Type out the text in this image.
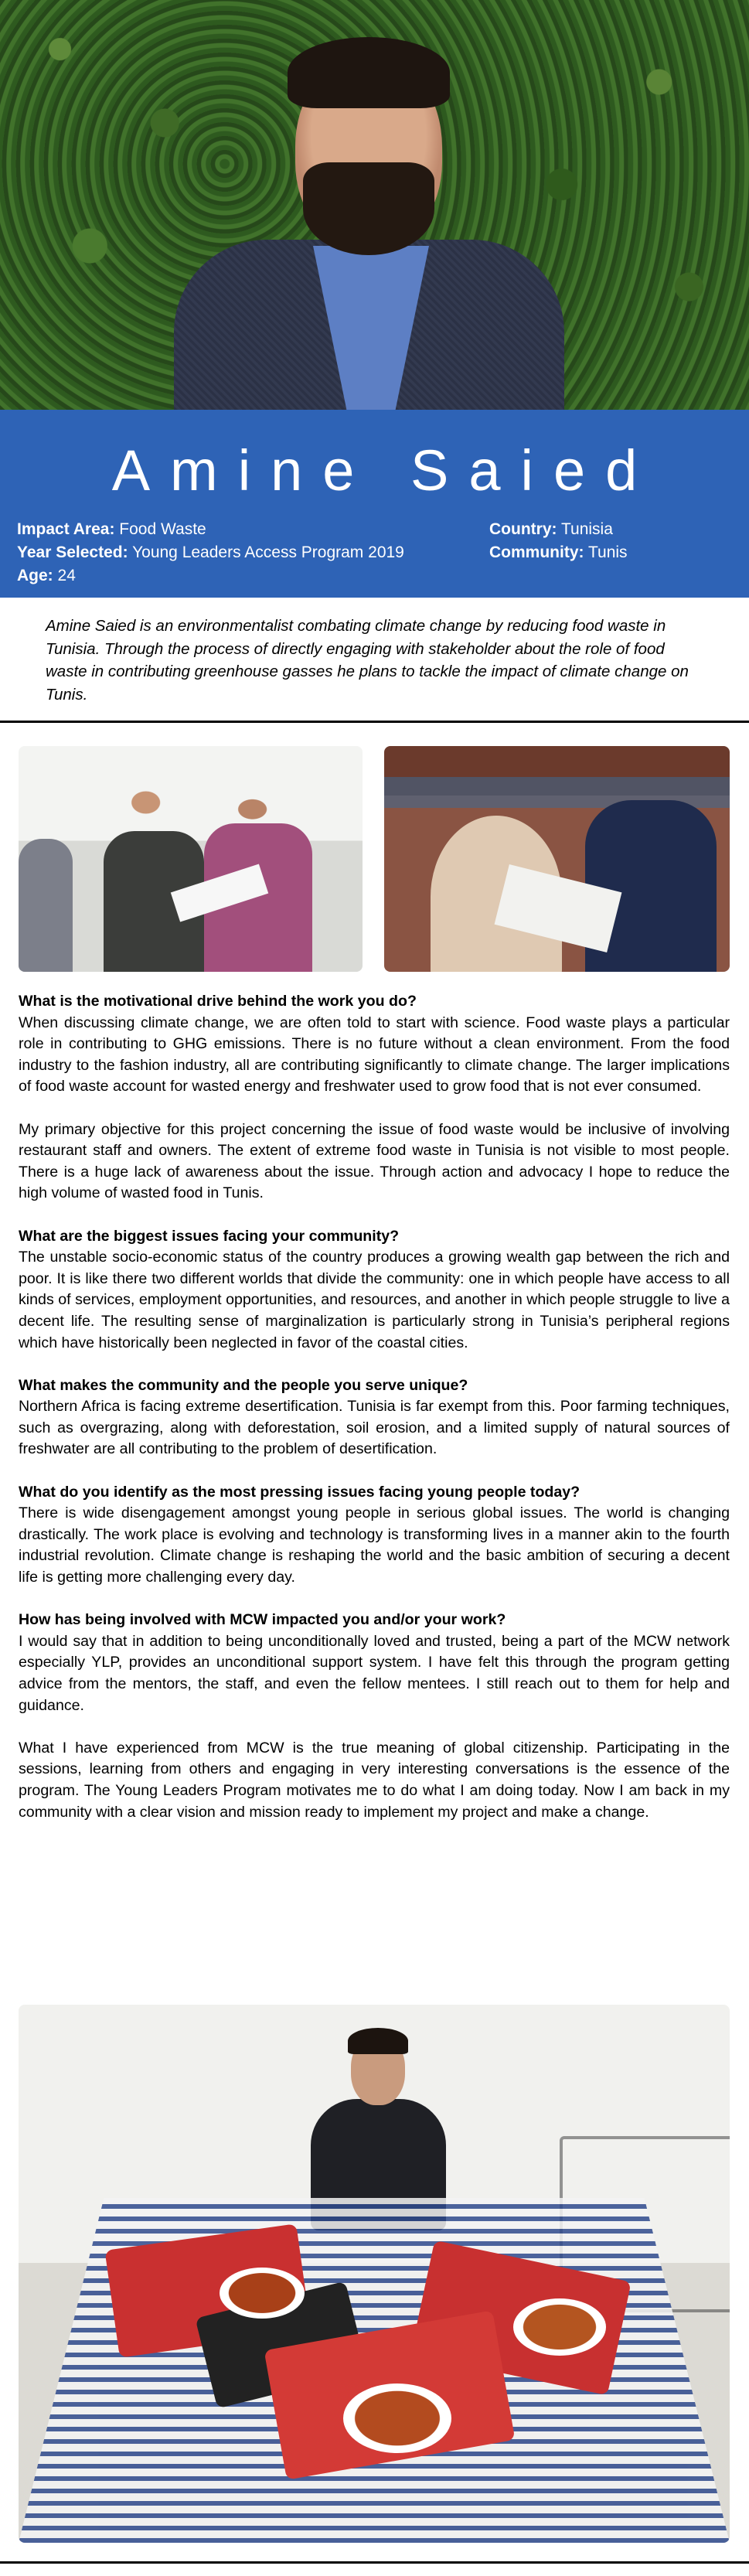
Amine Saied
Impact Area: Food Waste
Year Selected: Young Leaders Access Program 2019
Age: 24
Country: Tunisia
Community: Tunis
Amine Saied is an environmentalist combating climate change by reducing food waste in Tunisia. Through the process of directly engaging with stakeholder about the role of food waste in contributing greenhouse gasses he plans to tackle the impact of climate change on Tunis.
What is the motivational drive behind the work you do?

When discussing climate change, we are often told to start with science. Food waste plays a particular role in contributing to GHG emissions. There is no future without a clean environment. From the food industry to the fashion industry, all are contributing significantly to climate change. The larger implications of food waste account for wasted energy and freshwater used to grow food that is not ever consumed.

My primary objective for this project concerning the issue of food waste would be inclusive of involving restaurant staff and owners. The extent of extreme food waste in Tunisia is not visible to most people. There is a huge lack of awareness about the issue. Through action and advocacy I hope to reduce the high volume of wasted food in Tunis.

What are the biggest issues facing your community?

The unstable socio-economic status of the country produces a growing wealth gap between the rich and poor. It is like there two different worlds that divide the community: one in which people have access to all kinds of services, employment opportunities, and resources, and another in which people struggle to live a decent life. The resulting sense of marginalization is particularly strong in Tunisia’s peripheral regions which have historically been neglected in favor of the coastal cities.

What makes the community and the people you serve unique?

Northern Africa is facing extreme desertification. Tunisia is far exempt from this. Poor farming techniques, such as overgrazing, along with deforestation, soil erosion, and a limited supply of natural sources of freshwater are all contributing to the problem of desertification.

What do you identify as the most pressing issues facing young people today?

There is wide disengagement amongst young people in serious global issues. The world is changing drastically. The work place is evolving and technology is transforming lives in a manner akin to the fourth industrial revolution. Climate change is reshaping the world and the basic ambition of securing a decent life is getting more challenging every day.

How has being involved with MCW impacted you and/or your work?

I would say that in addition to being unconditionally loved and trusted, being a part of the MCW network especially YLP, provides an unconditional support system. I have felt this through the program getting advice from the mentors, the staff, and even the fellow mentees. I still reach out to them for help and guidance.

What I have experienced from MCW is the true meaning of global citizenship. Participating in the sessions, learning from others and engaging in very interesting conversations is the essence of the program. The Young Leaders Program motivates me to do what I am doing today. Now I am back in my community with a clear vision and mission ready to implement my project and make a change.
